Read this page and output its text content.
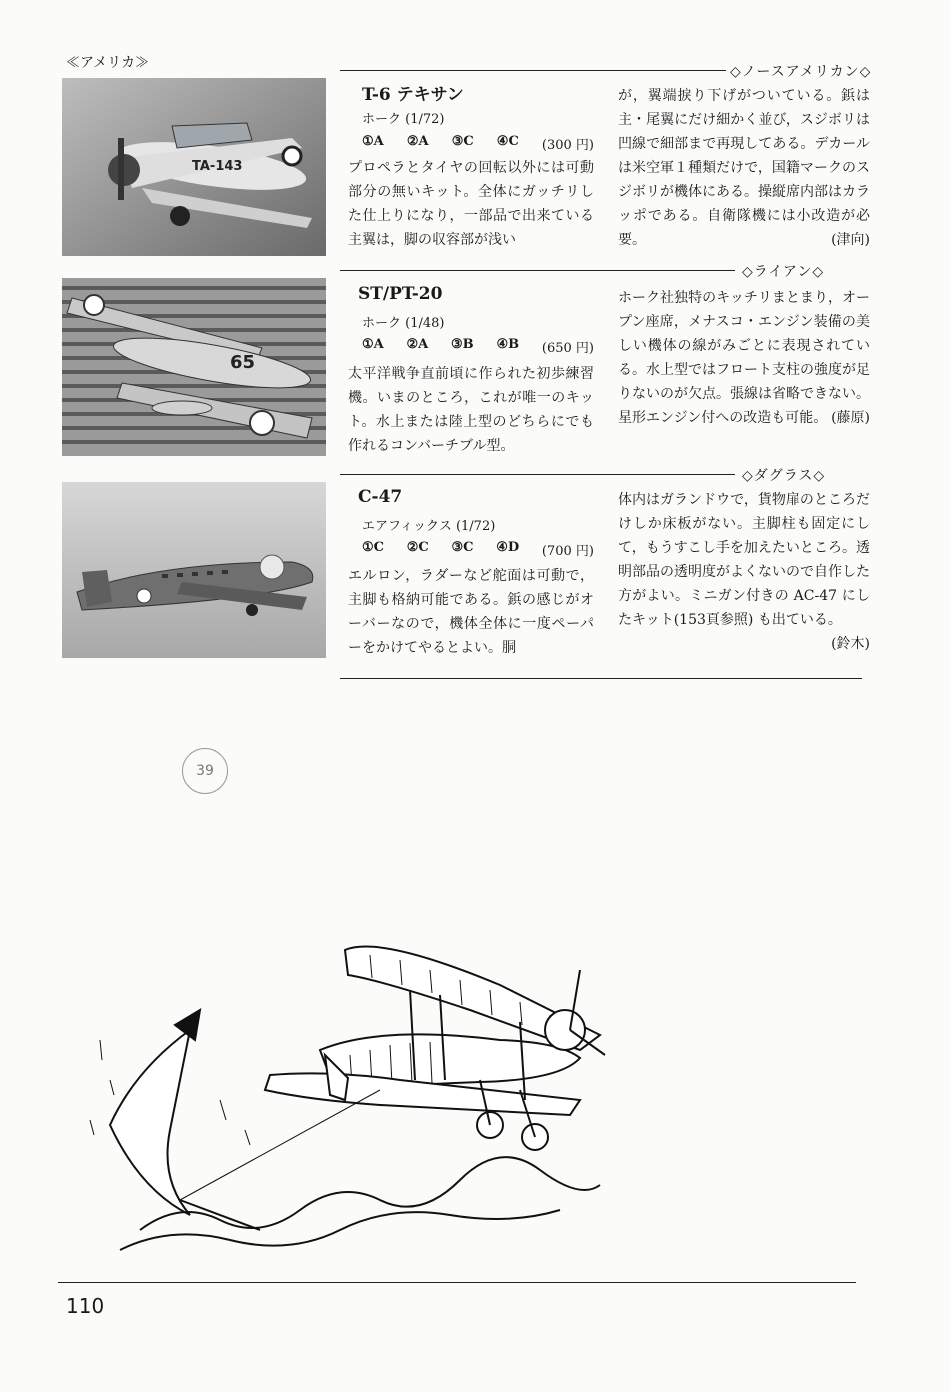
≪アメリカ≫
TA-143
◇ノースアメリカン◇
T-6 テキサン
ホーク (1/72)
①A ②A ③C ④C (300 円)
プロペラとタイヤの回転以外には可動部分の無いキット。全体にガッチリした仕上りになり，一部品で出来ている主翼は，脚の収容部が浅い
が，翼端捩り下げがついている。鋲は主・尾翼にだけ細かく並び，スジボリは凹線で細部まで再現してある。デカールは米空軍１種類だけで，国籍マークのスジボリが機体にある。操縦席内部はカラッポである。自衛隊機には小改造が必要。	(津向)
65
◇ライアン◇
ST/PT-20
ホーク (1/48)
①A ②A ③B ④B (650 円)
太平洋戦争直前頃に作られた初歩練習機。いまのところ，これが唯一のキット。水上または陸上型のどちらにでも作れるコンバーチブル型。
ホーク社独特のキッチリまとまり，オープン座席，メナスコ・エンジン装備の美しい機体の線がみごとに表現されている。水上型ではフロート支柱の強度が足りないのが欠点。張線は省略できない。星形エンジン付への改造も可能。 (藤原)
◇ダグラス◇
C-47
エアフィックス (1/72)
①C ②C ③C ④D (700 円)
エルロン，ラダーなど舵面は可動で，主脚も格納可能である。鋲の感じがオーバーなので，機体全体に一度ペーパーをかけてやるとよい。胴
体内はガランドウで，貨物扉のところだけしか床板がない。主脚柱も固定にして，もうすこし手を加えたいところ。透明部品の透明度がよくないので自作した方がよい。ミニガン付きの AC-47 にしたキット(153頁参照) も出ている。
(鈴木)
39
110
